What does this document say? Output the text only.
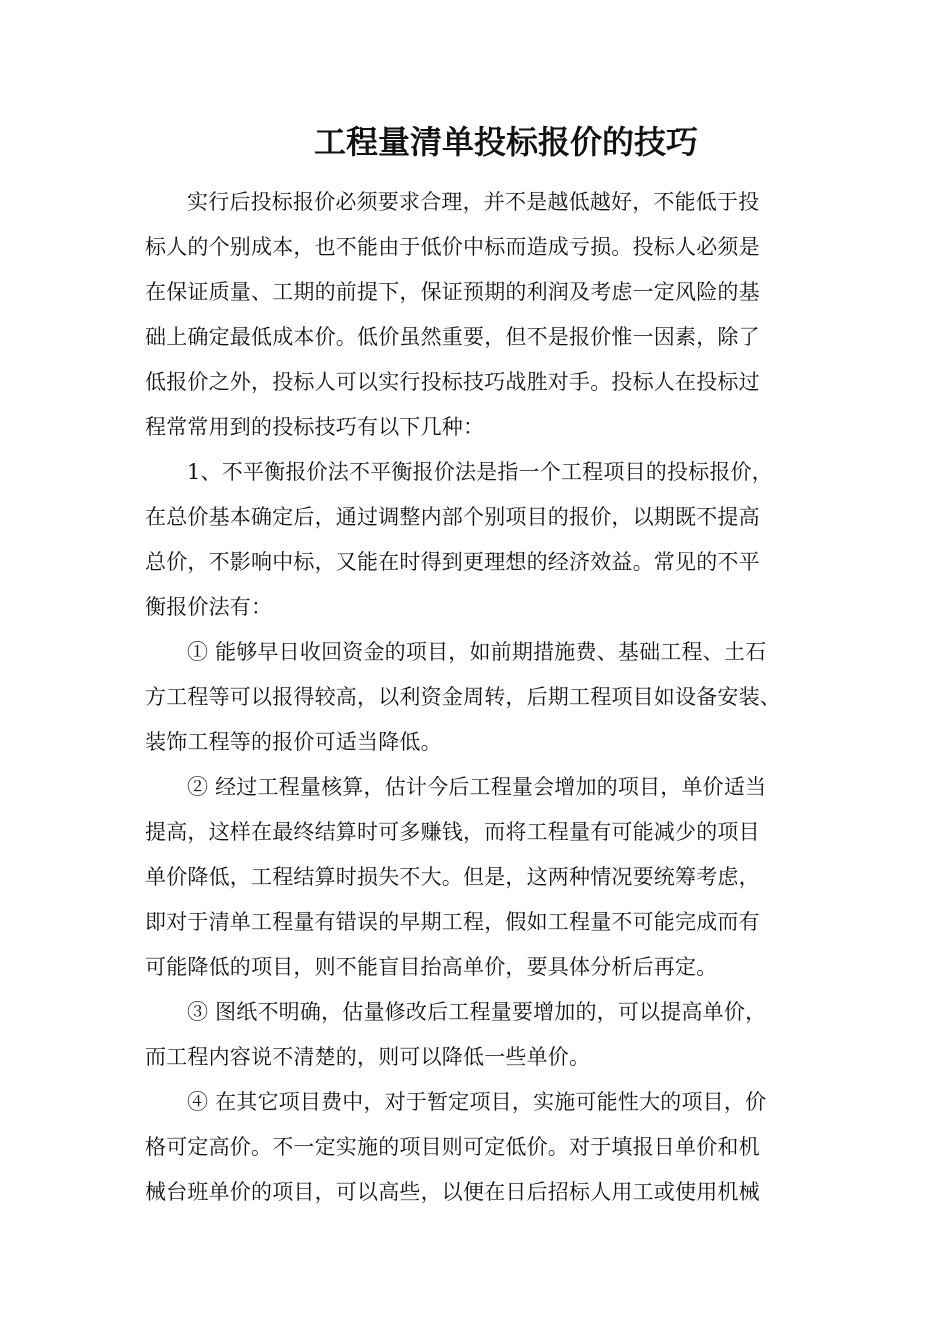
工程量清单投标报价的技巧
实行后投标报价必须要求合理，并不是越低越好，不能低于投
标人的个别成本，也不能由于低价中标而造成亏损。投标人必须是
在保证质量、工期的前提下，保证预期的利润及考虑一定风险的基
础上确定最低成本价。低价虽然重要，但不是报价惟一因素，除了
低报价之外，投标人可以实行投标技巧战胜对手。投标人在投标过
程常常用到的投标技巧有以下几种：
1、不平衡报价法不平衡报价法是指一个工程项目的投标报价，
在总价基本确定后，通过调整内部个别项目的报价，以期既不提高
总价，不影响中标，又能在时得到更理想的经济效益。常见的不平
衡报价法有：
① 能够早日收回资金的项目，如前期措施费、基础工程、土石
方工程等可以报得较高，以利资金周转，后期工程项目如设备安装、
装饰工程等的报价可适当降低。
② 经过工程量核算，估计今后工程量会增加的项目，单价适当
提高，这样在最终结算时可多赚钱，而将工程量有可能减少的项目
单价降低，工程结算时损失不大。但是，这两种情况要统筹考虑，
即对于清单工程量有错误的早期工程，假如工程量不可能完成而有
可能降低的项目，则不能盲目抬高单价，要具体分析后再定。
③ 图纸不明确，估量修改后工程量要增加的，可以提高单价，
而工程内容说不清楚的，则可以降低一些单价。
④ 在其它项目费中，对于暂定项目，实施可能性大的项目，价
格可定高价。不一定实施的项目则可定低价。对于填报日单价和机
械台班单价的项目，可以高些，以便在日后招标人用工或使用机械
